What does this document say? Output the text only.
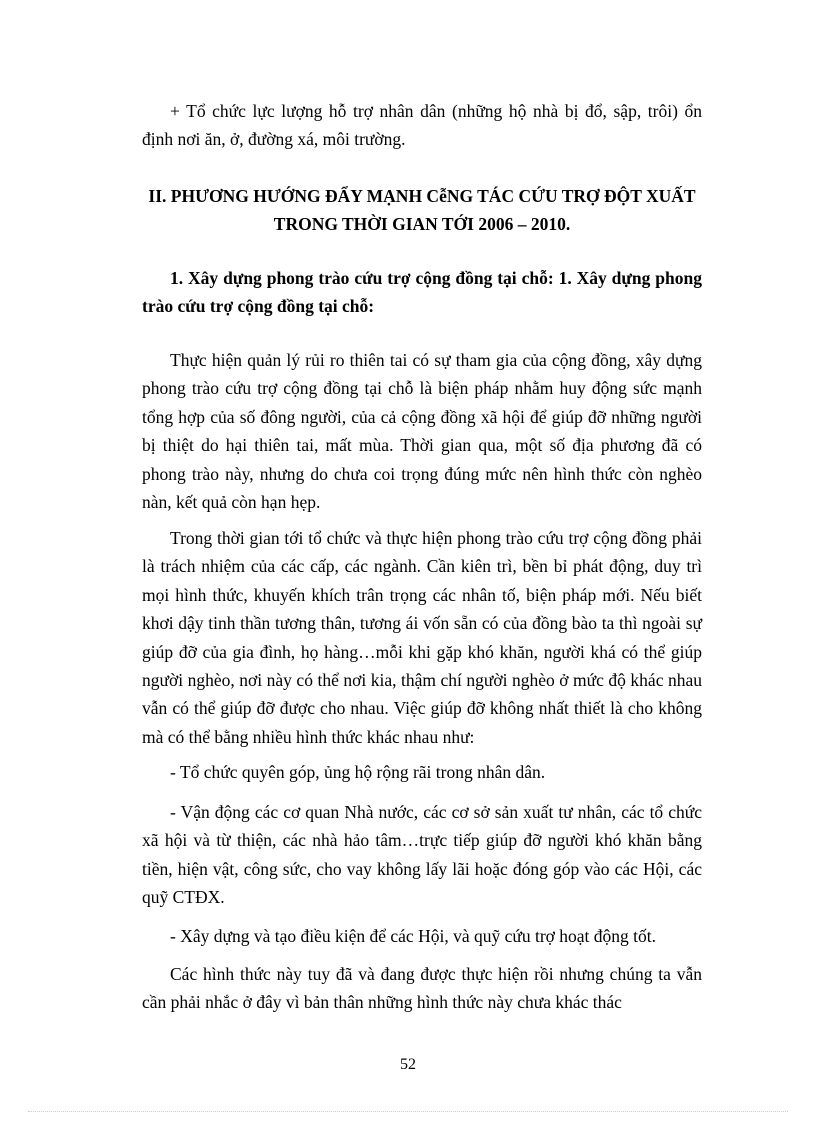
+ Tổ chức lực lượng hỗ trợ nhân dân (những hộ nhà bị đổ, sập, trôi) ổn định nơi ăn, ở, đường xá, môi trường.

II. PHƯƠNG HƯỚNG ĐẨY MẠNH CễNG TÁC CỨU TRỢ ĐỘT XUẤT TRONG THỜI GIAN TỚI 2006 – 2010.

1. Xây dựng phong trào cứu trợ cộng đồng tại chỗ: 1. Xây dựng phong trào cứu trợ cộng đồng tại chỗ:

Thực hiện quản lý rủi ro thiên tai có sự tham gia của cộng đồng, xây dựng phong trào cứu trợ cộng đồng tại chỗ là biện pháp nhằm huy động sức mạnh tổng hợp của số đông người, của cả cộng đồng xã hội để giúp đỡ những người bị thiệt do hại thiên tai, mất mùa. Thời gian qua, một số địa phương đã có phong trào này, nhưng do chưa coi trọng đúng mức nên hình thức còn nghèo nàn, kết quả còn hạn hẹp.

Trong thời gian tới tổ chức và thực hiện phong trào cứu trợ cộng đồng phải là trách nhiệm của các cấp, các ngành. Cần kiên trì, bền bỉ phát động, duy trì mọi hình thức, khuyến khích trân trọng các nhân tố, biện pháp mới. Nếu biết khơi dậy tinh thần tương thân, tương ái vốn sẵn có của đồng bào ta thì ngoài sự giúp đỡ của gia đình, họ hàng…mỗi khi gặp khó khăn, người khá có thể giúp người nghèo, nơi này có thể nơi kia, thậm chí người nghèo ở mức độ khác nhau vẫn có thể giúp đỡ được cho nhau. Việc giúp đỡ không nhất thiết là cho không mà có thể bằng nhiều hình thức khác nhau như:

- Tổ chức quyên góp, ủng hộ rộng rãi trong nhân dân.

- Vận động các cơ quan Nhà nước, các cơ sở sản xuất tư nhân, các tổ chức xã hội và từ thiện, các nhà hảo tâm…trực tiếp giúp đỡ người khó khăn bằng tiền, hiện vật, công sức, cho vay không lấy lãi hoặc đóng góp vào các Hội, các quỹ CTĐX.

- Xây dựng và tạo điều kiện để các Hội, và quỹ cứu trợ hoạt động tốt.

Các hình thức này tuy đã và đang được thực hiện rồi nhưng chúng ta vẫn cần phải nhắc ở đây vì bản thân những hình thức này chưa khác thác

52
